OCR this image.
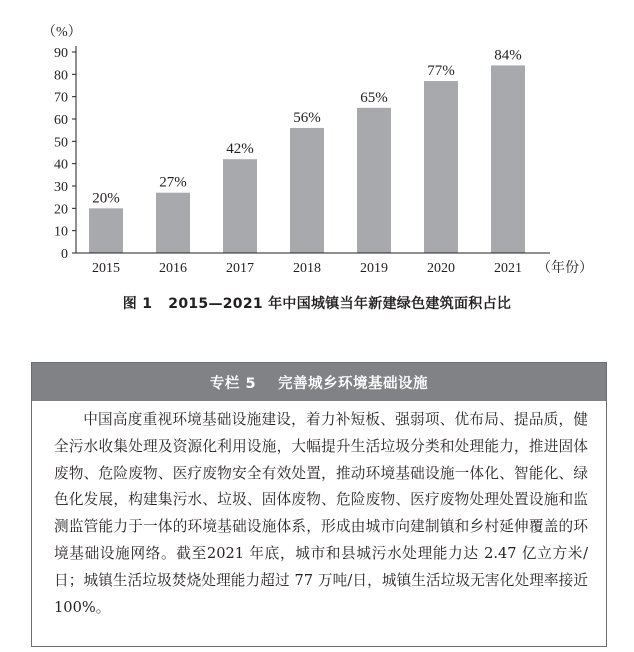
（%）
0
10
20
30
40
50
60
70
80
90
20%
27%
42%
56%
65%
77%
84%
2015	2016	2017	2018	2019	2020	2021 （年份）
图 1 2015—2021 年中国城镇当年新建绿色建筑面积占比
专栏 5 完善城乡环境基础设施

中国高度重视环境基础设施建设，着力补短板、强弱项、优布局、提品质，健全污水收集处理及资源化利用设施，大幅提升生活垃圾分类和处理能力，推进固体废物、危险废物、医疗废物安全有效处置，推动环境基础设施一体化、智能化、绿色化发展，构建集污水、垃圾、固体废物、危险废物、医疗废物处理处置设施和监测监管能力于一体的环境基础设施体系，形成由城市向建制镇和乡村延伸覆盖的环境基础设施网络。截至2021 年底，城市和县城污水处理能力达 2.47 亿立方米/日；城镇生活垃圾焚烧处理能力超过 77 万吨/日，城镇生活垃圾无害化处理率接近 100%。
